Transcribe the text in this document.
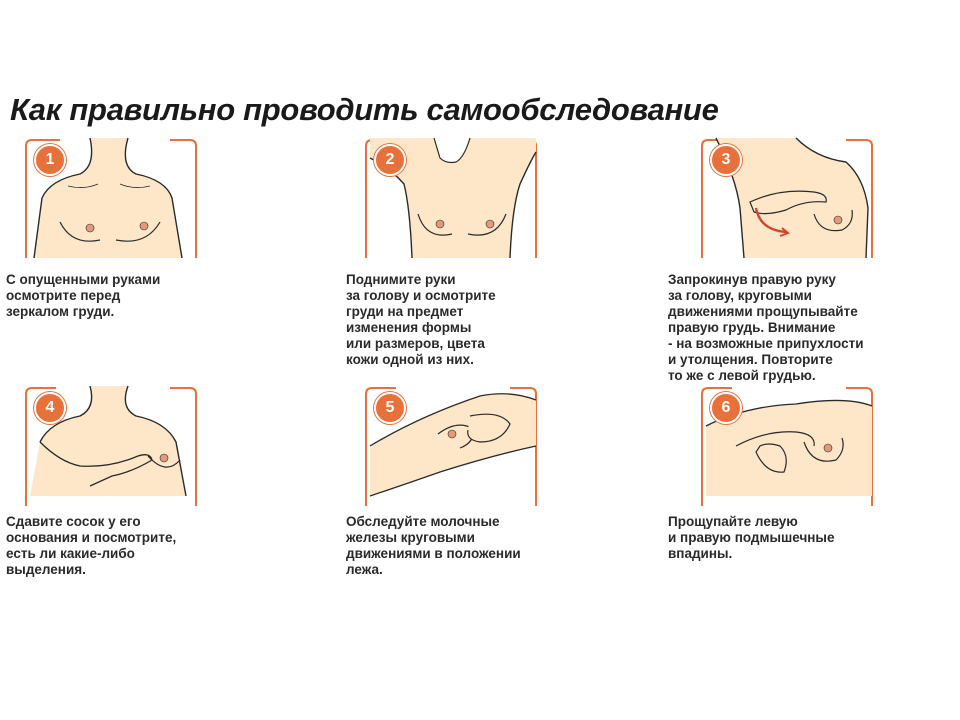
Как правильно проводить самообследование
1
С опущенными руками
осмотрите перед
зеркалом груди.
2
Поднимите руки
за голову и осмотрите
груди на предмет
изменения формы
или размеров, цвета
кожи одной из них.
3
Запрокинув правую руку
за голову, круговыми
движениями прощупывайте
правую грудь. Внимание
- на возможные припухлости
и утолщения. Повторите
то же с левой грудью.
4
Сдавите сосок у его
основания и посмотрите,
есть ли какие-либо
выделения.
5
Обследуйте молочные
железы круговыми
движениями в положении
лежа.
6
Прощупайте левую
и правую подмышечные
впадины.
